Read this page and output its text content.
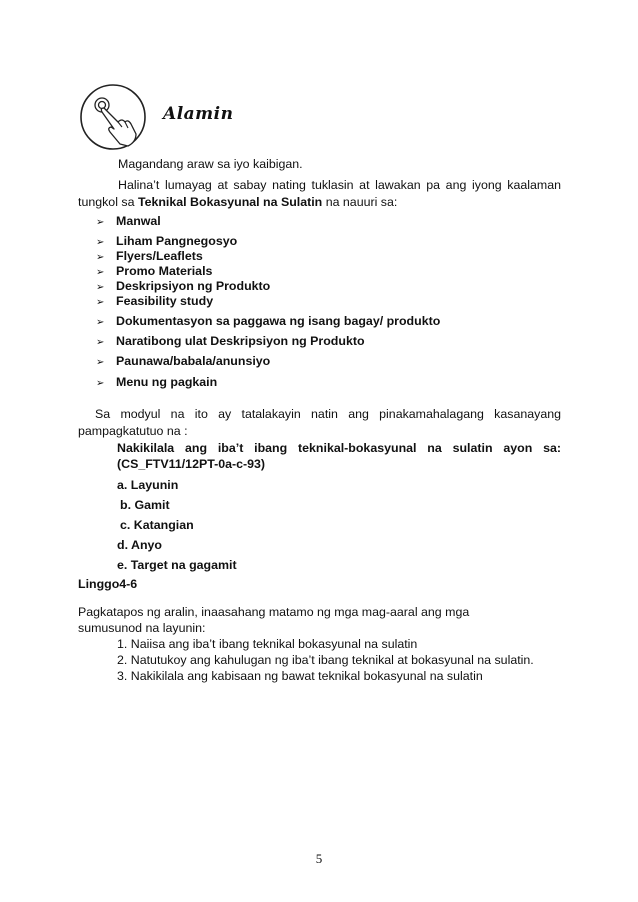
Alamin
Magandang araw sa iyo kaibigan.
Halina’t lumayag at sabay nating tuklasin at lawakan pa ang iyong kaalaman
tungkol sa Teknikal Bokasyunal na Sulatin na nauuri sa:
➢ Manwal
➢ Liham Pangnegosyo
➢ Flyers/Leaflets
➢ Promo Materials
➢ Deskripsiyon ng Produkto
➢ Feasibility study
➢ Dokumentasyon sa paggawa ng isang bagay/ produkto
➢ Naratibong ulat Deskripsiyon ng Produkto
➢ Paunawa/babala/anunsiyo
➢ Menu ng pagkain
Sa modyul na ito ay tatalakayin natin ang pinakamahalagang kasanayang
pampagkatutuo na :
Nakikilala ang iba’t ibang teknikal-bokasyunal na sulatin ayon sa:
(CS_FTV11/12PT-0a-c-93)
a. Layunin
b. Gamit
c. Katangian
d. Anyo
e. Target na gagamit
Linggo4-6
Pagkatapos ng aralin, inaasahang matamo ng mga mag-aaral ang mga
sumusunod na layunin:
1. Naiisa ang iba’t ibang teknikal bokasyunal na sulatin
2. Natutukoy ang kahulugan ng iba’t ibang teknikal at bokasyunal na sulatin.
3. Nakikilala ang kabisaan ng bawat teknikal bokasyunal na sulatin
5
